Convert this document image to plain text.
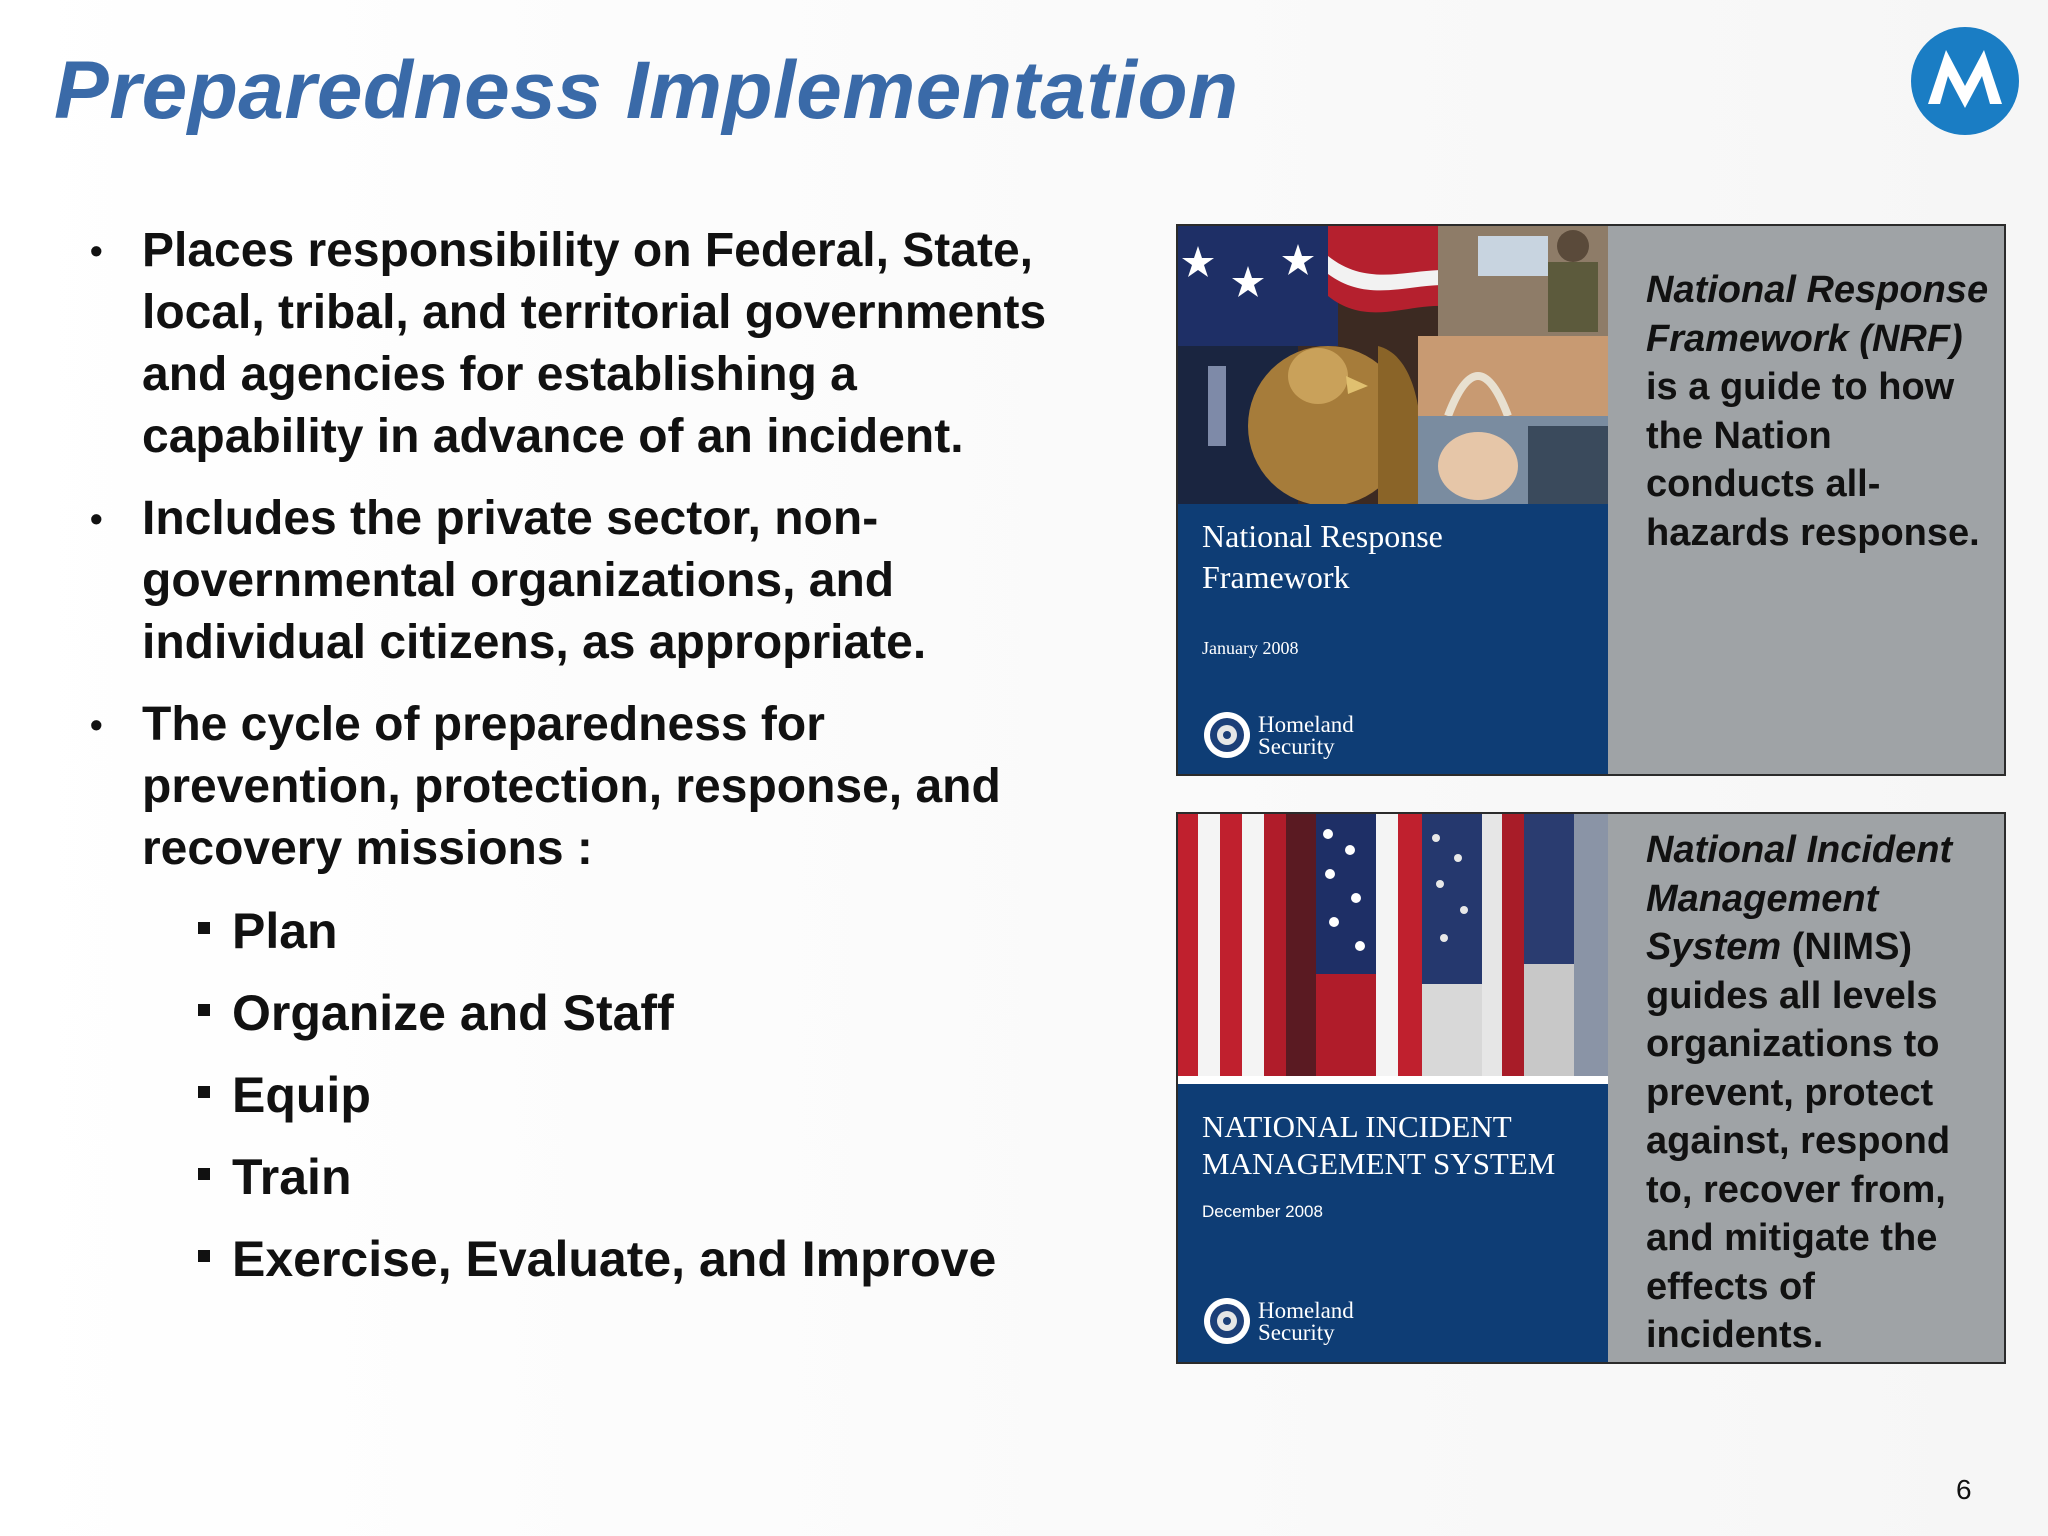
Preparedness Implementation
• Places responsibility on Federal, State, local, tribal, and territorial governments and agencies for establishing a capability in advance of an incident.
• Includes the private sector, non-governmental organizations, and individual citizens, as appropriate.
• The cycle of preparedness for prevention, protection, response, and recovery missions :
Plan
Organize and Staff
Equip
Train
Exercise, Evaluate, and Improve
National Response
Framework
January 2008
Homeland
Security
National Response Framework (NRF) is a guide to how the Nation conducts all-hazards response.
NATIONAL INCIDENT
MANAGEMENT SYSTEM
December 2008
Homeland
Security
National Incident Management System (NIMS) guides all levels organizations to prevent, protect against, respond to, recover from, and mitigate the effects of incidents.
6
